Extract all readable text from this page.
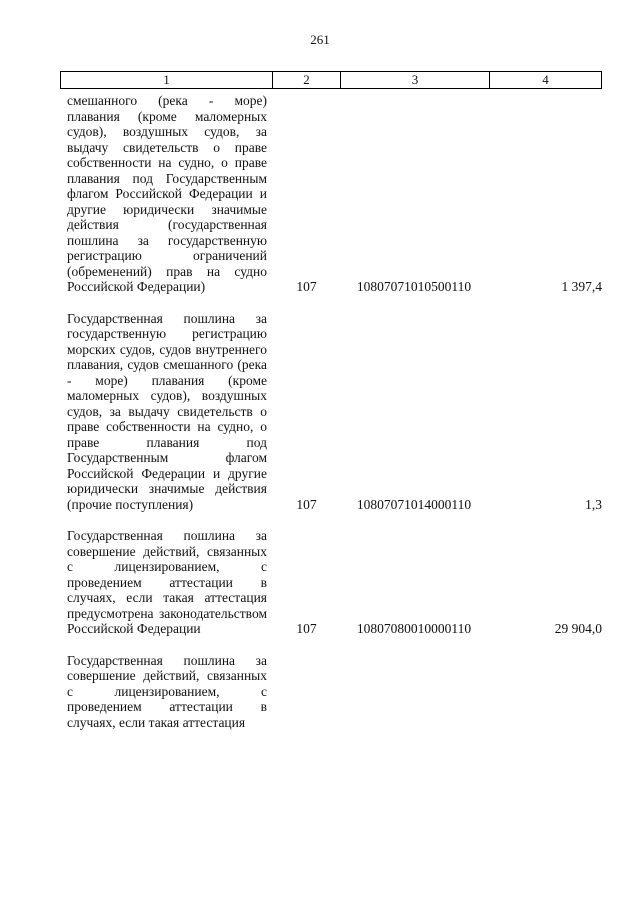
261
1	2	3	4
смешанного (река - море) плавания (кроме маломерных судов), воздушных судов, за выдачу свидетельств о праве собственности на судно, о праве плавания под Государственным флагом Российской Федерации и другие юридически значимые действия (государственная пошлина за государственную регистрацию ограничений (обременений) прав на судно Российской Федерации)	107	10807071010500110	1 397,4
Государственная пошлина за государственную регистрацию морских судов, судов внутреннего плавания, судов смешанного (река - море) плавания (кроме маломерных судов), воздушных судов, за выдачу свидетельств о праве собственности на судно, о праве плавания под Государственным флагом Российской Федерации и другие юридически значимые действия (прочие поступления)	107	10807071014000110	1,3
Государственная пошлина за совершение действий, связанных с лицензированием, с проведением аттестации в случаях, если такая аттестация предусмотрена законодательством Российской Федерации	107	10807080010000110	29 904,0
Государственная пошлина за совершение действий, связанных с лицензированием, с проведением аттестации в случаях, если такая аттестация
